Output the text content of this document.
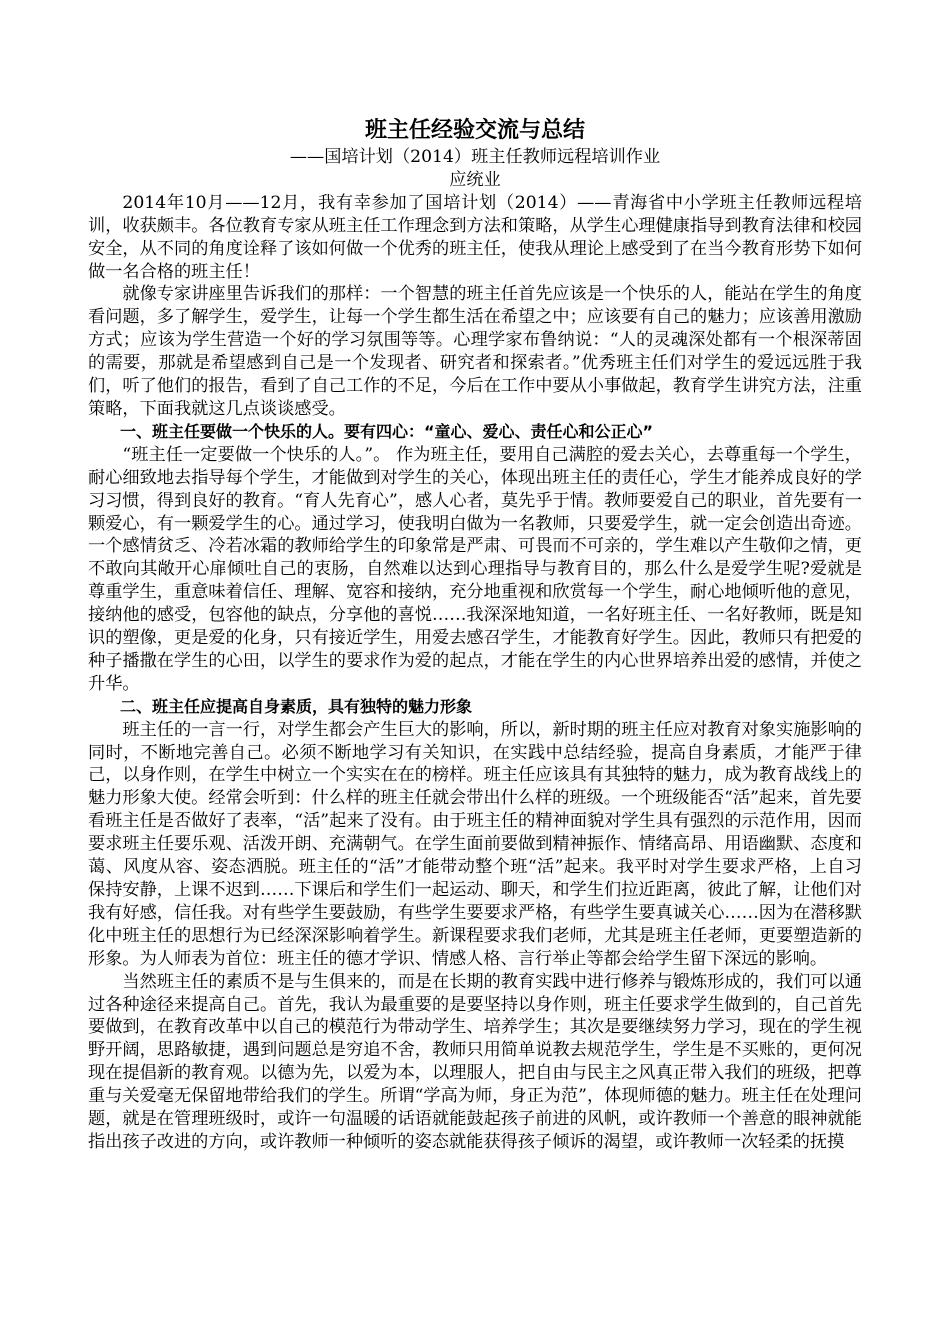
班主任经验交流与总结

——国培计划（2014）班主任教师远程培训作业

应统业

2014年10月——12月，我有幸参加了国培计划（2014）——青海省中小学班主任教师远程培训，收获颇丰。各位教育专家从班主任工作理念到方法和策略，从学生心理健康指导到教育法律和校园安全，从不同的角度诠释了该如何做一个优秀的班主任，使我从理论上感受到了在当今教育形势下如何做一名合格的班主任！

就像专家讲座里告诉我们的那样：一个智慧的班主任首先应该是一个快乐的人，能站在学生的角度看问题，多了解学生，爱学生，让每一个学生都生活在希望之中；应该要有自己的魅力；应该善用激励方式；应该为学生营造一个好的学习氛围等等。心理学家布鲁纳说：“人的灵魂深处都有一个根深蒂固的需要，那就是希望感到自己是一个发现者、研究者和探索者。”优秀班主任们对学生的爱远远胜于我们，听了他们的报告，看到了自己工作的不足，今后在工作中要从小事做起，教育学生讲究方法，注重策略，下面我就这几点谈谈感受。

一、班主任要做一个快乐的人。要有四心：“童心、爱心、责任心和公正心”

“班主任一定要做一个快乐的人。”。 作为班主任，要用自己满腔的爱去关心，去尊重每一个学生，耐心细致地去指导每个学生，才能做到对学生的关心，体现出班主任的责任心，学生才能养成良好的学习习惯，得到良好的教育。“育人先育心”，感人心者，莫先乎于情。教师要爱自己的职业，首先要有一颗爱心，有一颗爱学生的心。通过学习，使我明白做为一名教师，只要爱学生，就一定会创造出奇迹。一个感情贫乏、冷若冰霜的教师给学生的印象常是严肃、可畏而不可亲的，学生难以产生敬仰之情，更不敢向其敞开心扉倾吐自己的衷肠，自然难以达到心理指导与教育目的，那么什么是爱学生呢?爱就是尊重学生，重意味着信任、理解、宽容和接纳，充分地重视和欣赏每一个学生，耐心地倾听他的意见，接纳他的感受，包容他的缺点，分享他的喜悦……我深深地知道，一名好班主任、一名好教师，既是知识的塑像，更是爱的化身，只有接近学生，用爱去感召学生，才能教育好学生。因此，教师只有把爱的种子播撒在学生的心田，以学生的要求作为爱的起点，才能在学生的内心世界培养出爱的感情，并使之升华。

二、班主任应提高自身素质，具有独特的魅力形象

班主任的一言一行，对学生都会产生巨大的影响，所以，新时期的班主任应对教育对象实施影响的同时，不断地完善自己。必须不断地学习有关知识，在实践中总结经验，提高自身素质，才能严于律己，以身作则，在学生中树立一个实实在在的榜样。班主任应该具有其独特的魅力，成为教育战线上的魅力形象大使。经常会听到：什么样的班主任就会带出什么样的班级。一个班级能否“活”起来，首先要看班主任是否做好了表率，“活”起来了没有。由于班主任的精神面貌对学生具有强烈的示范作用，因而要求班主任要乐观、活泼开朗、充满朝气。在学生面前要做到精神振作、情绪高昂、用语幽默、态度和蔼、风度从容、姿态洒脱。班主任的“活”才能带动整个班“活”起来。我平时对学生要求严格，上自习保持安静，上课不迟到……下课后和学生们一起运动、聊天，和学生们拉近距离，彼此了解，让他们对我有好感，信任我。对有些学生要鼓励，有些学生要要求严格，有些学生要真诚关心……因为在潜移默化中班主任的思想行为已经深深影响着学生。新课程要求我们老师，尤其是班主任老师，更要塑造新的形象。为人师表为首位：班主任的德才学识、情感人格、言行举止等都会给学生留下深远的影响。

当然班主任的素质不是与生俱来的，而是在长期的教育实践中进行修养与锻炼形成的，我们可以通过各种途径来提高自己。首先，我认为最重要的是要坚持以身作则，班主任要求学生做到的，自己首先要做到，在教育改革中以自己的模范行为带动学生、培养学生；其次是要继续努力学习，现在的学生视野开阔，思路敏捷，遇到问题总是穷追不舍，教师只用简单说教去规范学生，学生是不买账的，更何况现在提倡新的教育观。以德为先，以爱为本，以理服人，把自由与民主之风真正带入我们的班级，把尊重与关爱毫无保留地带给我们的学生。所谓“学高为师，身正为范”，体现师德的魅力。班主任在处理问题，就是在管理班级时，或许一句温暖的话语就能鼓起孩子前进的风帆，或许教师一个善意的眼神就能指出孩子改进的方向，或许教师一种倾听的姿态就能获得孩子倾诉的渴望，或许教师一次轻柔的抚摸
